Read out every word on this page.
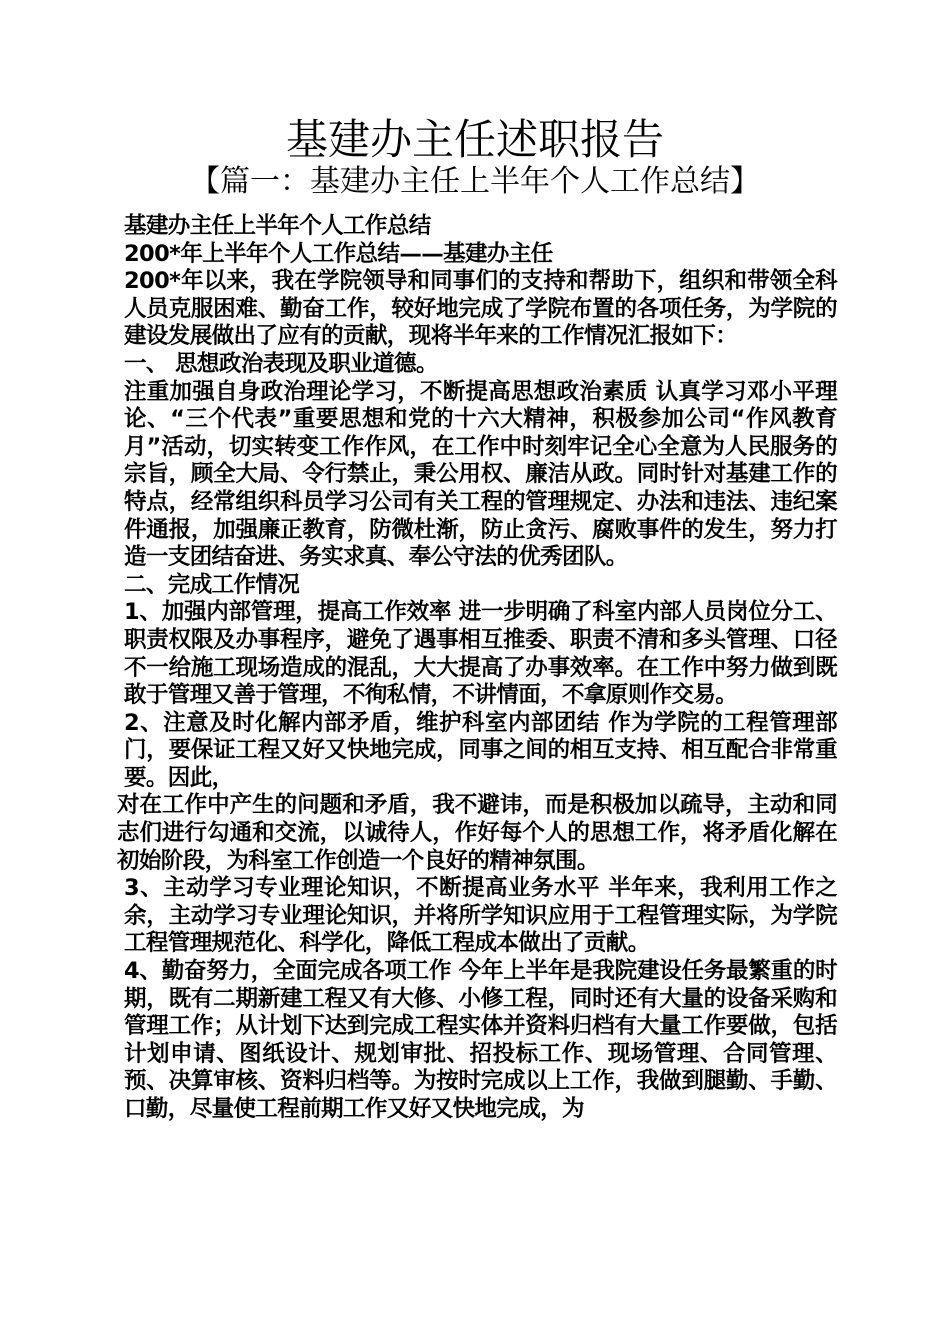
基建办主任述职报告
【篇一：基建办主任上半年个人工作总结】

基建办主任上半年个人工作总结

200*年上半年个人工作总结——基建办主任

200*年以来，我在学院领导和同事们的支持和帮助下，组织和带领全科人员克服困难、勤奋工作，较好地完成了学院布置的各项任务，为学院的建设发展做出了应有的贡献，现将半年来的工作情况汇报如下：

一、 思想政治表现及职业道德。

注重加强自身政治理论学习，不断提高思想政治素质 认真学习邓小平理论、“三个代表”重要思想和党的十六大精神，积极参加公司“作风教育月”活动，切实转变工作作风，在工作中时刻牢记全心全意为人民服务的宗旨，顾全大局、令行禁止，秉公用权、廉洁从政。同时针对基建工作的特点，经常组织科员学习公司有关工程的管理规定、办法和违法、违纪案件通报，加强廉正教育，防微杜渐，防止贪污、腐败事件的发生，努力打造一支团结奋进、务实求真、奉公守法的优秀团队。

二、完成工作情况

1、加强内部管理，提高工作效率 进一步明确了科室内部人员岗位分工、职责权限及办事程序，避免了遇事相互推委、职责不清和多头管理、口径不一给施工现场造成的混乱，大大提高了办事效率。在工作中努力做到既敢于管理又善于管理，不徇私情，不讲情面，不拿原则作交易。

2、注意及时化解内部矛盾，维护科室内部团结 作为学院的工程管理部门，要保证工程又好又快地完成，同事之间的相互支持、相互配合非常重要。因此，

对在工作中产生的问题和矛盾，我不避讳，而是积极加以疏导，主动和同志们进行勾通和交流，以诚待人，作好每个人的思想工作，将矛盾化解在初始阶段，为科室工作创造一个良好的精神氛围。

3、主动学习专业理论知识，不断提高业务水平 半年来，我利用工作之余，主动学习专业理论知识，并将所学知识应用于工程管理实际，为学院工程管理规范化、科学化，降低工程成本做出了贡献。

4、勤奋努力，全面完成各项工作 今年上半年是我院建设任务最繁重的时期，既有二期新建工程又有大修、小修工程，同时还有大量的设备采购和管理工作；从计划下达到完成工程实体并资料归档有大量工作要做，包括计划申请、图纸设计、规划审批、招投标工作、现场管理、合同管理、预、决算审核、资料归档等。为按时完成以上工作，我做到腿勤、手勤、口勤，尽量使工程前期工作又好又快地完成，为
